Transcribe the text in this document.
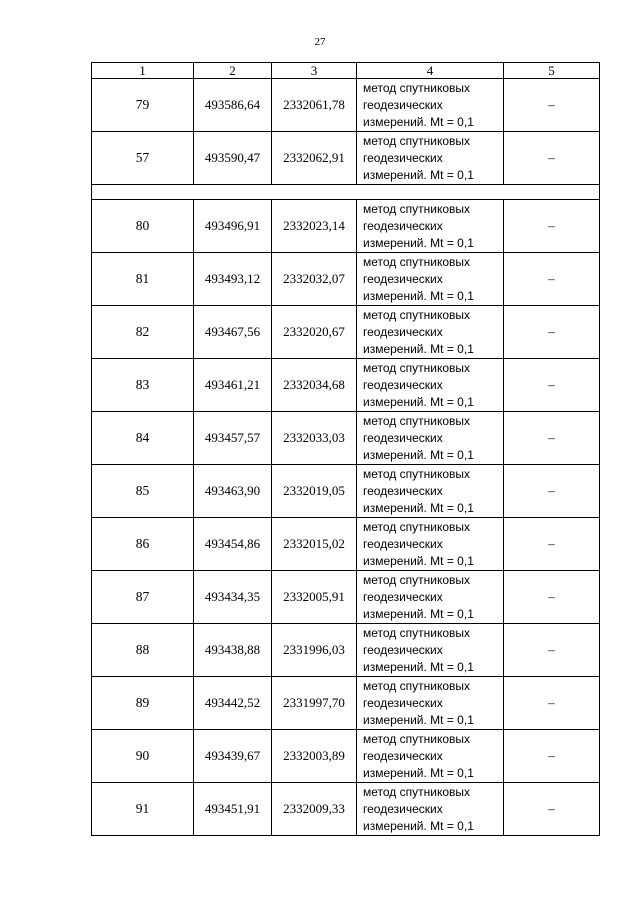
27
1	2	3	4	5
79	493586,64	2332061,78	метод спутниковых
геодезических
измерений. Mt = 0,1	–
57	493590,47	2332062,91	метод спутниковых
геодезических
измерений. Mt = 0,1	–

80	493496,91	2332023,14	метод спутниковых
геодезических
измерений. Mt = 0,1	–
81	493493,12	2332032,07	метод спутниковых
геодезических
измерений. Mt = 0,1	–
82	493467,56	2332020,67	метод спутниковых
геодезических
измерений. Mt = 0,1	–
83	493461,21	2332034,68	метод спутниковых
геодезических
измерений. Mt = 0,1	–
84	493457,57	2332033,03	метод спутниковых
геодезических
измерений. Mt = 0,1	–
85	493463,90	2332019,05	метод спутниковых
геодезических
измерений. Mt = 0,1	–
86	493454,86	2332015,02	метод спутниковых
геодезических
измерений. Mt = 0,1	–
87	493434,35	2332005,91	метод спутниковых
геодезических
измерений. Mt = 0,1	–
88	493438,88	2331996,03	метод спутниковых
геодезических
измерений. Mt = 0,1	–
89	493442,52	2331997,70	метод спутниковых
геодезических
измерений. Mt = 0,1	–
90	493439,67	2332003,89	метод спутниковых
геодезических
измерений. Mt = 0,1	–
91	493451,91	2332009,33	метод спутниковых
геодезических
измерений. Mt = 0,1	–
